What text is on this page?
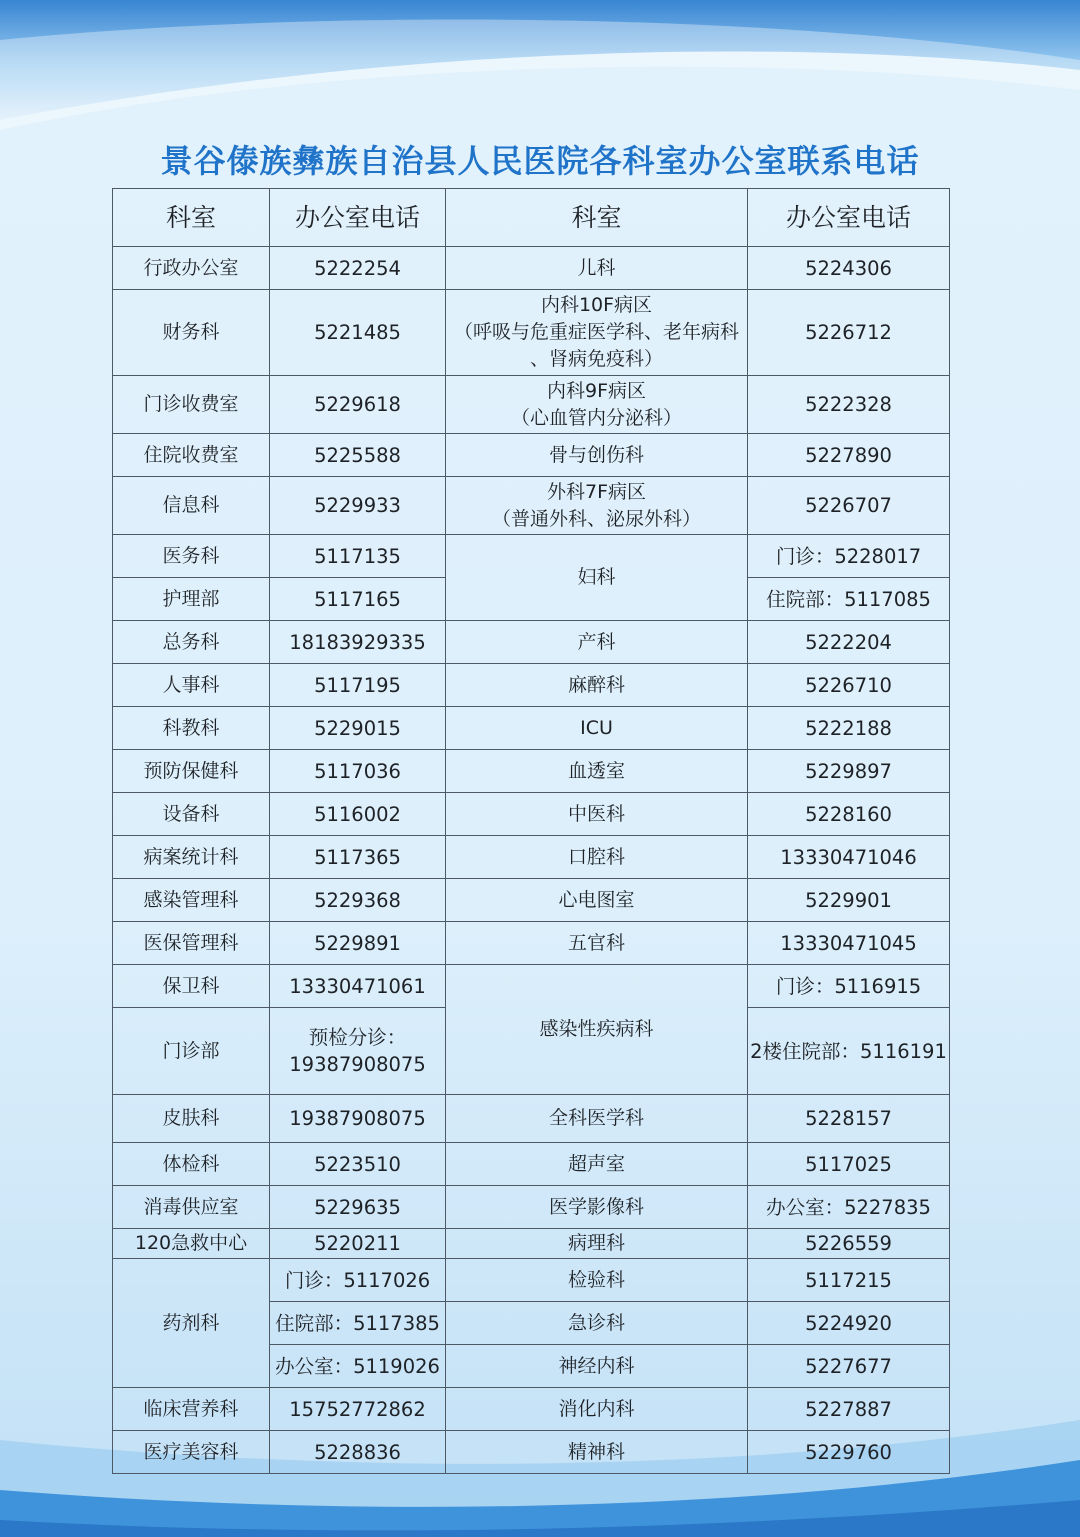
景谷傣族彝族自治县人民医院各科室办公室联系电话
科室	办公室电话	科室	办公室电话
行政办公室	5222254	儿科	5224306
财务科	5221485	内科10F病区
（呼吸与危重症医学科、老年病科
、肾病免疫科）	5226712
门诊收费室	5229618	内科9F病区
（心血管内分泌科）	5222328
住院收费室	5225588	骨与创伤科	5227890
信息科	5229933	外科7F病区
（普通外科、泌尿外科）	5226707
医务科	5117135	妇科	门诊：5228017
护理部	5117165		住院部：5117085
总务科	18183929335	产科	5222204
人事科	5117195	麻醉科	5226710
科教科	5229015	ICU	5222188
预防保健科	5117036	血透室	5229897
设备科	5116002	中医科	5228160
病案统计科	5117365	口腔科	13330471046
感染管理科	5229368	心电图室	5229901
医保管理科	5229891	五官科	13330471045
保卫科	13330471061	感染性疾病科	门诊：5116915
门诊部	预检分诊：
19387908075		2楼住院部：5116191
皮肤科	19387908075	全科医学科	5228157
体检科	5223510	超声室	5117025
消毒供应室	5229635	医学影像科	办公室：5227835
120急救中心	5220211	病理科	5226559
药剂科	门诊：5117026	检验科	5117215
	住院部：5117385	急诊科	5224920
	办公室：5119026	神经内科	5227677
临床营养科	15752772862	消化内科	5227887
医疗美容科	5228836	精神科	5229760
